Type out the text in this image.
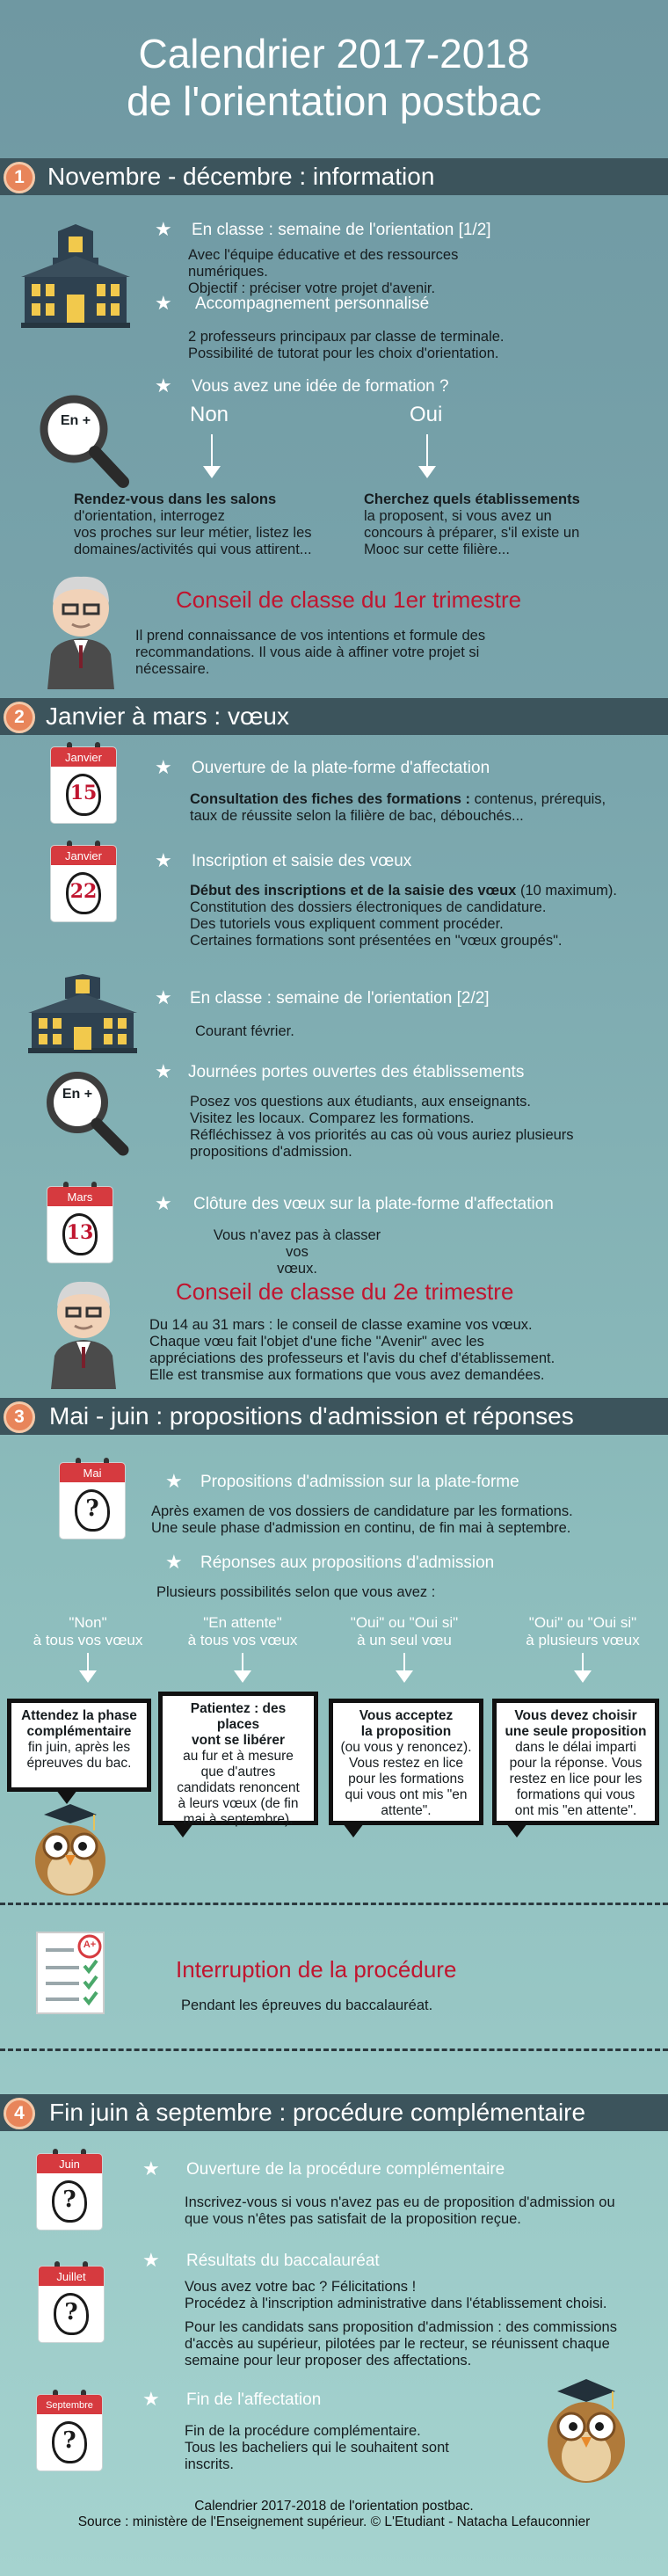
Calendrier 2017-2018
de l'orientation postbac
1 Novembre - décembre : information
★ En classe : semaine de l'orientation [1/2]
Avec l'équipe éducative et des ressources
numériques.
Objectif : préciser votre projet d'avenir.
★ Accompagnement personnalisé
2 professeurs principaux par classe de terminale.
Possibilité de tutorat pour les choix d'orientation.
En +
★ Vous avez une idée de formation ?
Non	Oui
Rendez-vous dans les salons
d'orientation, interrogez
vos proches sur leur métier, listez les
domaines/activités qui vous attirent...
Cherchez quels établissements
la proposent, si vous avez un
concours à préparer, s'il existe un
Mooc sur cette filière...
Conseil de classe du 1er trimestre
Il prend connaissance de vos intentions et formule des
recommandations. Il vous aide à affiner votre projet si
nécessaire.
2 Janvier à mars : vœux
Janvier
15
★ Ouverture de la plate-forme d'affectation
Consultation des fiches des formations : contenus, prérequis,
taux de réussite selon la filière de bac, débouchés...
Janvier
22
★ Inscription et saisie des vœux
Début des inscriptions et de la saisie des vœux (10 maximum).
Constitution des dossiers électroniques de candidature.
Des tutoriels vous expliquent comment procéder.
Certaines formations sont présentées en "vœux groupés".
★ En classe : semaine de l'orientation [2/2]
Courant février.
En +
★ Journées portes ouvertes des établissements
Posez vos questions aux étudiants, aux enseignants.
Visitez les locaux. Comparez les formations.
Réfléchissez à vos priorités au cas où vous auriez plusieurs
propositions d'admission.
Mars
13
★ Clôture des vœux sur la plate-forme d'affectation
Vous n'avez pas à classer vos
vœux.
Conseil de classe du 2e trimestre
Du 14 au 31 mars : le conseil de classe examine vos vœux.
Chaque vœu fait l'objet d'une fiche "Avenir" avec les
appréciations des professeurs et l'avis du chef d'établissement.
Elle est transmise aux formations que vous avez demandées.
3	Mai - juin : propositions d'admission et réponses
Mai
?
★ Propositions d'admission sur la plate-forme
Après examen de vos dossiers de candidature par les formations.
Une seule phase d'admission en continu, de fin mai à septembre.
★ Réponses aux propositions d'admission
Plusieurs possibilités selon que vous avez :
"Non"
à tous vos vœux
"En attente"
à tous vos vœux
"Oui" ou "Oui si"
à un seul vœu
"Oui" ou "Oui si"
à plusieurs vœux
Attendez la phase
complémentaire
fin juin, après les
épreuves du bac.
Patientez : des places
vont se libérer
au fur et à mesure
que d'autres
candidats renoncent
à leurs vœux (de fin
mai à septembre).
Vous acceptez
la proposition
(ou vous y renoncez).
Vous restez en lice
pour les formations
qui vous ont mis "en
attente".
Vous devez choisir
une seule proposition
dans le délai imparti
pour la réponse. Vous
restez en lice pour les
formations qui vous
ont mis "en attente".
A+
Interruption de la procédure
Pendant les épreuves du baccalauréat.
4	Fin juin à septembre : procédure complémentaire
Juin
?
★ Ouverture de la procédure complémentaire
Inscrivez-vous si vous n'avez pas eu de proposition d'admission ou
que vous n'êtes pas satisfait de la proposition reçue.
Juillet
?
★ Résultats du baccalauréat
Vous avez votre bac ? Félicitations !
Procédez à l'inscription administrative dans l'établissement choisi.
Pour les candidats sans proposition d'admission : des commissions
d'accès au supérieur, pilotées par le recteur, se réunissent chaque
semaine pour leur proposer des affectations.
Septembre
?
★ Fin de l'affectation
Fin de la procédure complémentaire.
Tous les bacheliers qui le souhaitent sont
inscrits.
Calendrier 2017-2018 de l'orientation postbac.
Source : ministère de l'Enseignement supérieur. © L'Etudiant - Natacha Lefauconnier
